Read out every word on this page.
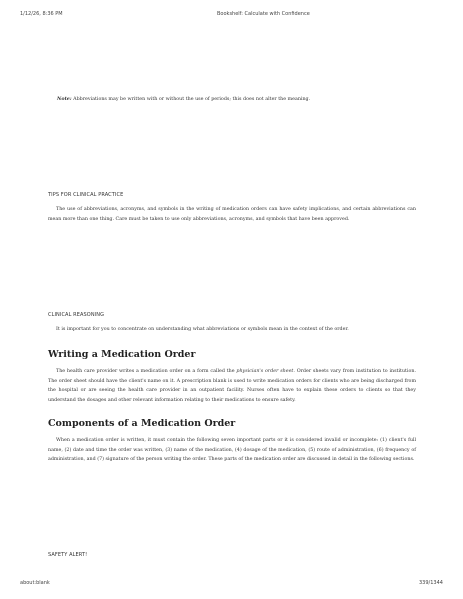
1/12/26, 8:36 PM	Bookshelf: Calculate with Confidence

Note: Abbreviations may be written with or without the use of periods; this does not alter the meaning.

TIPS FOR CLINICAL PRACTICE

The use of abbreviations, acronyms, and symbols in the writing of medication orders can have safety implications, and certain abbreviations can mean more than one thing. Care must be taken to use only abbreviations, acronyms, and symbols that have been approved.

CLINICAL REASONING

It is important for you to concentrate on understanding what abbreviations or symbols mean in the context of the order.

Writing a Medication Order

The health care provider writes a medication order on a form called the physician's order sheet. Order sheets vary from institution to institution. The order sheet should have the client's name on it. A prescription blank is used to write medication orders for clients who are being discharged from the hospital or are seeing the health care provider in an outpatient facility. Nurses often have to explain these orders to clients so that they understand the dosages and other relevant information relating to their medications to ensure safety.

Components of a Medication Order

When a medication order is written, it must contain the following seven important parts or it is considered invalid or incomplete: (1) client's full name, (2) date and time the order was written, (3) name of the medication, (4) dosage of the medication, (5) route of administration, (6) frequency of administration, and (7) signature of the person writing the order. These parts of the medication order are discussed in detail in the following sections.

SAFETY ALERT!
about:blank	339/1344
